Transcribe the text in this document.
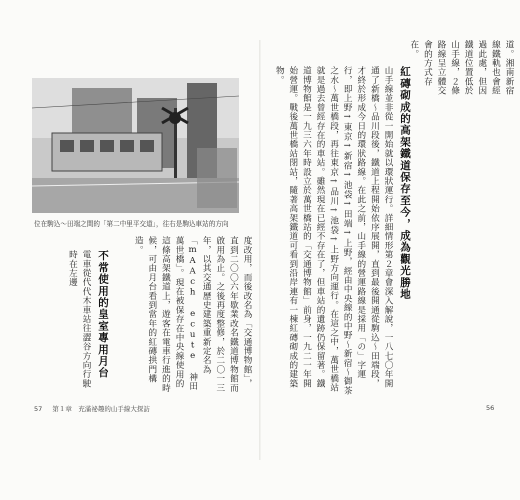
道。湘南新宿線鐵軌也會經過此處，但因鐵道位置低於山手線，２條路線呈立體交會的方式存在。
紅磚砌成的高架鐵道保存至今，成為觀光勝地
山手線並非從一開始就以環狀運行。詳細情形第２章會深入解說，一八七〇年開通了新橋〜品川段後，鐵道上程開始依序展開，直到最後開通從駒込〜田端段，才終於形成今日的環狀路線。在此之前，山手線的營運路線是採用「の」字運行，即上野→東京→新宿→池袋→田端→上野，經由中央線的中野〜新宿〜御茶之水〜萬世橋段，再往東京→品川→池袋→上野方向運行。在這之中，萬世橋站就是過去曾經存在的車站。雖然現在已經不存在了，但車站的遺跡仍保留著。鐵道博物館是一九三六年時設立於萬世橋站的「交通博物館」前身，一九二一年開始營運。戰後萬世橋站閉站，隨著高架鐵道可看到沿岸連有一棟紅磚砌成的建築物。
位在駒込〜田端之間的「第二中里平交道」，往右是駒込車站的方向
度改用，而後改名為「交通博物館」，直到二〇〇六年歇業改名鐵道博物館而啟用為止。之後再度整修，於二〇一三年，以其交通歷史建築重新定名為「mAAch ecute 神田萬世橋」。現在被保存在中央線使用的這條高架鐵道上，遊客在電車行進的時候，可由月台看到當年的紅磚拱門構造。
不常使用的皇室專用月台
電車從代代木車站往澀谷方向行駛時在左邊
57 第１章　充滿祕趣的山手線大探訪	56
